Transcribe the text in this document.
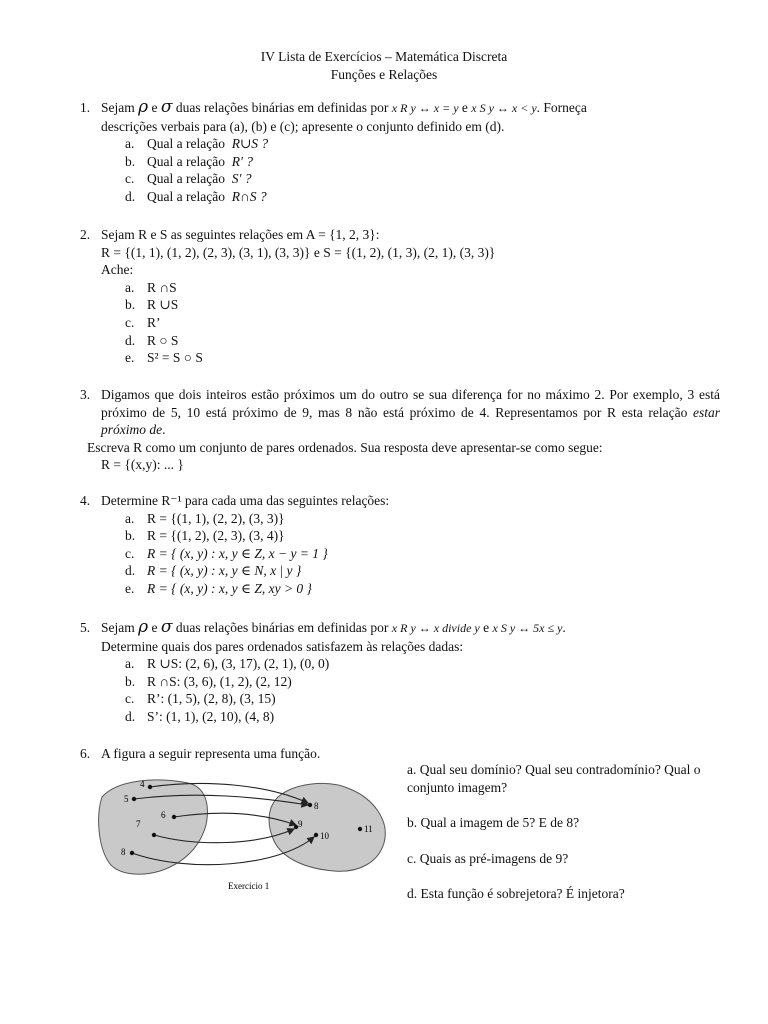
IV Lista de Exercícios – Matemática Discreta
Funções e Relações
1. Sejam ρ e σ duas relações binárias em definidas por x R y ↔ x = y e x S y ↔ x < y. Forneça
descrições verbais para (a), (b) e (c); apresente o conjunto definido em (d).
a. Qual a relação R∪S ?
b. Qual a relação R′ ?
c. Qual a relação S′ ?
d. Qual a relação R∩S ?
2. Sejam R e S as seguintes relações em A = {1, 2, 3}:
R = {(1, 1), (1, 2), (2, 3), (3, 1), (3, 3)} e S = {(1, 2), (1, 3), (2, 1), (3, 3)}
Ache:
a. R ∩S
b. R ∪S
c. R’
d. R ○ S
e. S² = S ○ S
3. Digamos que dois inteiros estão próximos um do outro se sua diferença for no máximo 2. Por exemplo, 3 está próximo de 5, 10 está próximo de 9, mas 8 não está próximo de 4. Representamos por R esta relação estar próximo de.
Escreva R como um conjunto de pares ordenados. Sua resposta deve apresentar-se como segue:
R = {(x,y): ... }
4. Determine R⁻¹ para cada uma das seguintes relações:
a. R = {(1, 1), (2, 2), (3, 3)}
b. R = {(1, 2), (2, 3), (3, 4)}
c. R = { (x, y) : x, y ∈ Z, x − y = 1 }
d. R = { (x, y) : x, y ∈ N, x | y }
e. R = { (x, y) : x, y ∈ Z, xy > 0 }
5. Sejam ρ e σ duas relações binárias em definidas por x R y ↔ x divide y e x S y ↔ 5x ≤ y.
Determine quais dos pares ordenados satisfazem às relações dadas:
a. R ∪S: (2, 6), (3, 17), (2, 1), (0, 0)
b. R ∩S: (3, 6), (1, 2), (2, 12)
c. R’: (1, 5), (2, 8), (3, 15)
d. S’: (1, 1), (2, 10), (4, 8)
6. A figura a seguir representa uma função.

a. Qual seu domínio? Qual seu contradomínio? Qual o conjunto imagem?

b. Qual a imagem de 5? E de 8?

c. Quais as pré-imagens de 9?

d. Esta função é sobrejetora? É injetora?

4
5
6
7
8
8
9
10
11
Exercício 1
